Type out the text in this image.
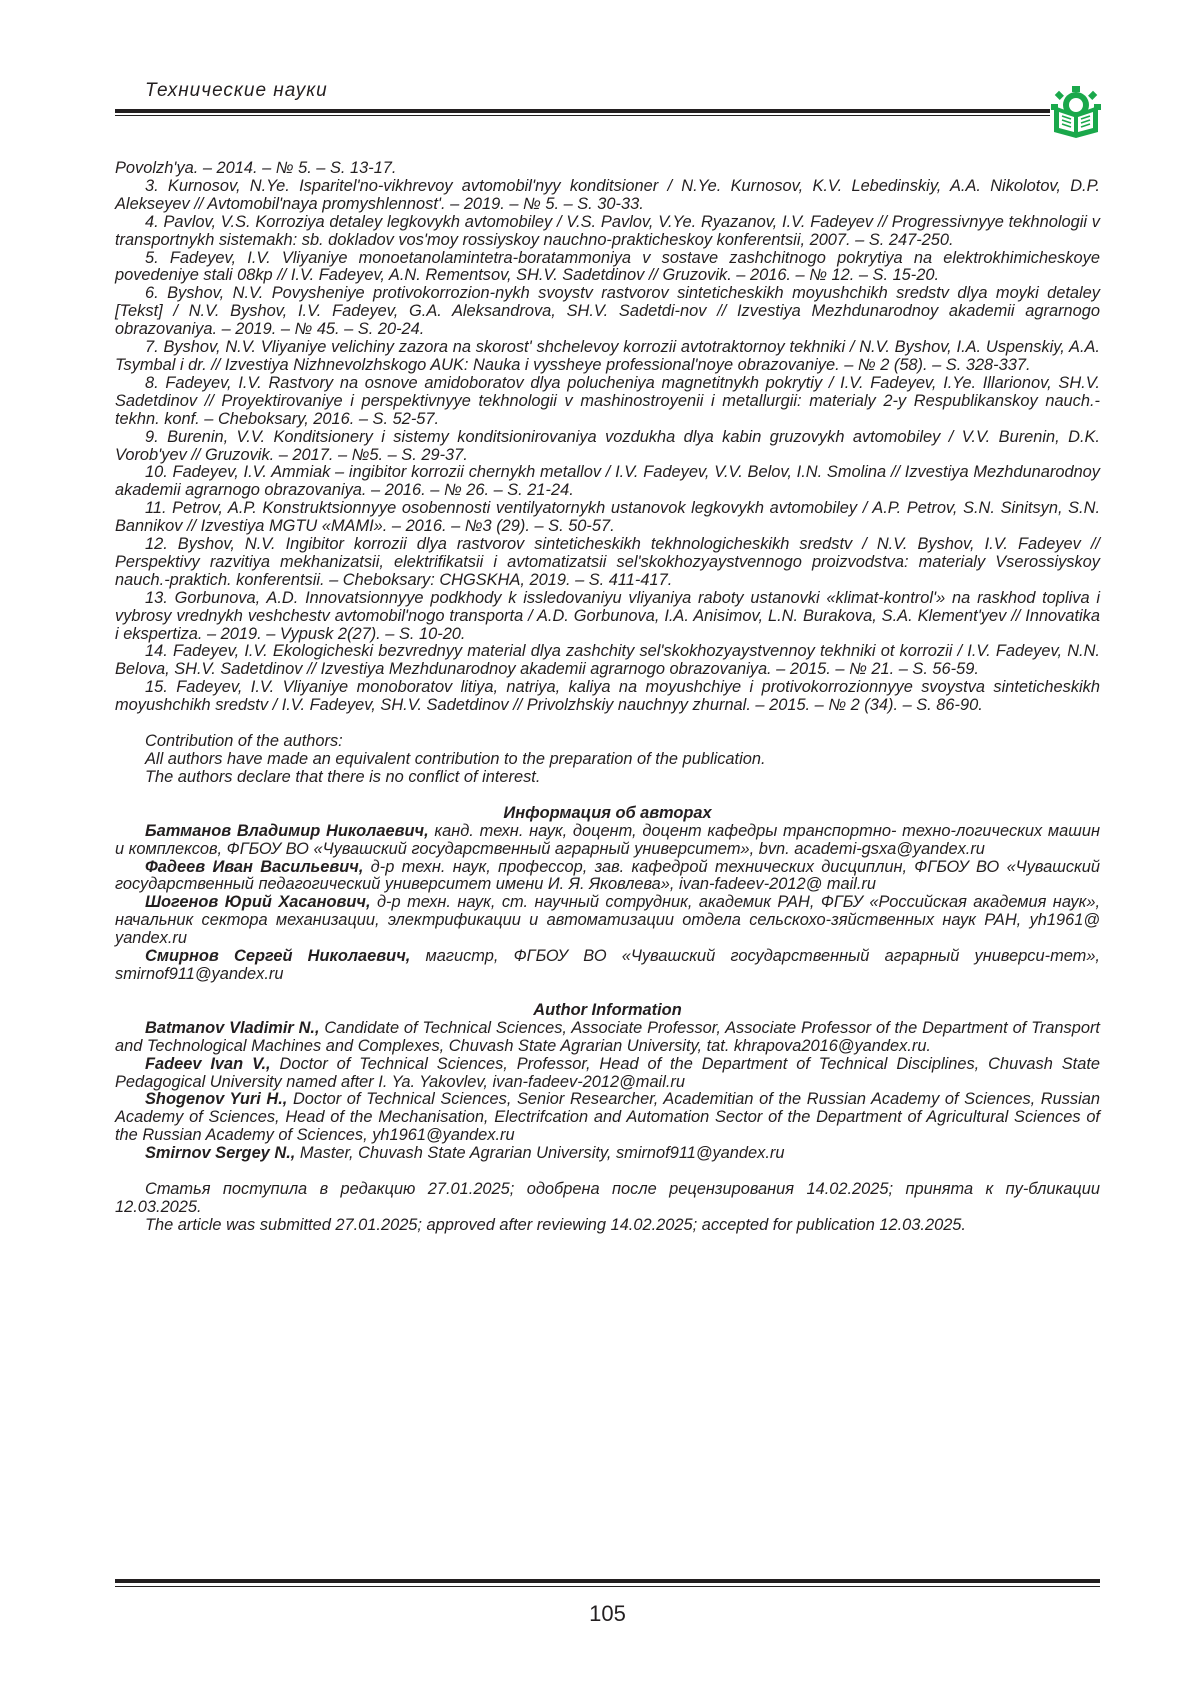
Технические науки

Povolzh'ya. – 2014. – № 5. – S. 13-17.

3. Kurnosov, N.Ye. Isparitel'no-vikhrevoy avtomobil'nyy konditsioner / N.Ye. Kurnosov, K.V. Lebedinskiy, A.A. Nikolotov, D.P. Alekseyev // Avtomobil'naya promyshlennost'. – 2019. – № 5. – S. 30-33.

4. Pavlov, V.S. Korroziya detaley legkovykh avtomobiley / V.S. Pavlov, V.Ye. Ryazanov, I.V. Fadeyev // Progressivnyye tekhnologii v transportnykh sistemakh: sb. dokladov vos'moy rossiyskoy nauchno-prakticheskoy konferentsii, 2007. – S. 247-250.

5. Fadeyev, I.V. Vliyaniye monoetanolamintetra-boratammoniya v sostave zashchitnogo pokrytiya na elektrokhimicheskoye povedeniye stali 08kp // I.V. Fadeyev, A.N. Rementsov, SH.V. Sadetdinov // Gruzovik. – 2016. – № 12. – S. 15-20.

6. Byshov, N.V. Povysheniye protivokorrozion-nykh svoystv rastvorov sinteticheskikh moyushchikh sredstv dlya moyki detaley [Tekst] / N.V. Byshov, I.V. Fadeyev, G.A. Aleksandrova, SH.V. Sadetdi-nov // Izvestiya Mezhdunarodnoy akademii agrarnogo obrazovaniya. – 2019. – № 45. – S. 20-24.

7. Byshov, N.V. Vliyaniye velichiny zazora na skorost' shchelevoy korrozii avtotraktornoy tekhniki / N.V. Byshov, I.A. Uspenskiy, A.A. Tsymbal i dr. // Izvestiya Nizhnevolzhskogo AUK: Nauka i vyssheye professional'noye obrazovaniye. – № 2 (58). – S. 328-337.

8. Fadeyev, I.V. Rastvory na osnove amidoboratov dlya polucheniya magnetitnykh pokrytiy / I.V. Fadeyev, I.Ye. Illarionov, SH.V. Sadetdinov // Proyektirovaniye i perspektivnyye tekhnologii v mashinostroyenii i metallurgii: materialy 2-y Respublikanskoy nauch.-tekhn. konf. – Cheboksary, 2016. – S. 52-57.

9. Burenin, V.V. Konditsionery i sistemy konditsionirovaniya vozdukha dlya kabin gruzovykh avtomobiley / V.V. Burenin, D.K. Vorob'yev // Gruzovik. – 2017. – №5. – S. 29-37.

10. Fadeyev, I.V. Ammiak – ingibitor korrozii chernykh metallov / I.V. Fadeyev, V.V. Belov, I.N. Smolina // Izvestiya Mezhdunarodnoy akademii agrarnogo obrazovaniya. – 2016. – № 26. – S. 21-24.

11. Petrov, A.P. Konstruktsionnyye osobennosti ventilyatornykh ustanovok legkovykh avtomobiley / A.P. Petrov, S.N. Sinitsyn, S.N. Bannikov // Izvestiya MGTU «MAMI». – 2016. – №3 (29). – S. 50-57.

12. Byshov, N.V. Ingibitor korrozii dlya rastvorov sinteticheskikh tekhnologicheskikh sredstv / N.V. Byshov, I.V. Fadeyev // Perspektivy razvitiya mekhanizatsii, elektrifikatsii i avtomatizatsii sel'skokhozyaystvennogo proizvodstva: materialy Vserossiyskoy nauch.-praktich. konferentsii. – Cheboksary: CHGSKHA, 2019. – S. 411-417.

13. Gorbunova, A.D. Innovatsionnyye podkhody k issledovaniyu vliyaniya raboty ustanovki «klimat-kontrol'» na raskhod topliva i vybrosy vrednykh veshchestv avtomobil'nogo transporta / A.D. Gorbunova, I.A. Anisimov, L.N. Burakova, S.A. Klement'yev // Innovatika i ekspertiza. – 2019. – Vypusk 2(27). – S. 10-20.

14. Fadeyev, I.V. Ekologicheski bezvrednyy material dlya zashchity sel'skokhozyaystvennoy tekhniki ot korrozii / I.V. Fadeyev, N.N. Belova, SH.V. Sadetdinov // Izvestiya Mezhdunarodnoy akademii agrarnogo obrazovaniya. – 2015. – № 21. – S. 56-59.

15. Fadeyev, I.V. Vliyaniye monoboratov litiya, natriya, kaliya na moyushchiye i protivokorrozionnyye svoystva sinteticheskikh moyushchikh sredstv / I.V. Fadeyev, SH.V. Sadetdinov // Privolzhskiy nauchnyy zhurnal. – 2015. – № 2 (34). – S. 86-90.

Contribution of the authors:

All authors have made an equivalent contribution to the preparation of the publication.

The authors declare that there is no conflict of interest.

Информация об авторах

Батманов Владимир Николаевич, канд. техн. наук, доцент, доцент кафедры транспортно- техно-логических машин и комплексов, ФГБОУ ВО «Чувашский государственный аграрный университет», bvn. academi-gsxa@yandex.ru

Фадеев Иван Васильевич, д-р техн. наук, профессор, зав. кафедрой технических дисциплин, ФГБОУ ВО «Чувашский государственный педагогический университет имени И. Я. Яковлева», ivan-fadeev-2012@ mail.ru

Шогенов Юрий Хасанович, д-р техн. наук, ст. научный сотрудник, академик РАН, ФГБУ «Российская академия наук», начальник сектора механизации, электрификации и автоматизации отдела сельскохо-зяйственных наук РАН, yh1961@ yandex.ru

Смирнов Сергей Николаевич, магистр, ФГБОУ ВО «Чувашский государственный аграрный универси-тет», smirnof911@yandex.ru

Author Information

Batmanov Vladimir N., Candidate of Technical Sciences, Associate Professor, Associate Professor of the Department of Transport and Technological Machines and Complexes, Chuvash State Agrarian University, tat. khrapova2016@yandex.ru.

Fadeev Ivan V., Doctor of Technical Sciences, Professor, Head of the Department of Technical Disciplines, Chuvash State Pedagogical University named after I. Ya. Yakovlev, ivan-fadeev-2012@mail.ru

Shogenov Yuri H., Doctor of Technical Sciences, Senior Researcher, Academitian of the Russian Academy of Sciences, Russian Academy of Sciences, Head of the Mechanisation, Electrifcation and Automation Sector of the Department of Agricultural Sciences of the Russian Academy of Sciences, yh1961@yandex.ru

Smirnov Sergey N., Master, Chuvash State Agrarian University, smirnof911@yandex.ru

Статья поступила в редакцию 27.01.2025; одобрена после рецензирования 14.02.2025; принята к пу-бликации 12.03.2025.

The article was submitted 27.01.2025; approved after reviewing 14.02.2025; accepted for publication 12.03.2025.

105
